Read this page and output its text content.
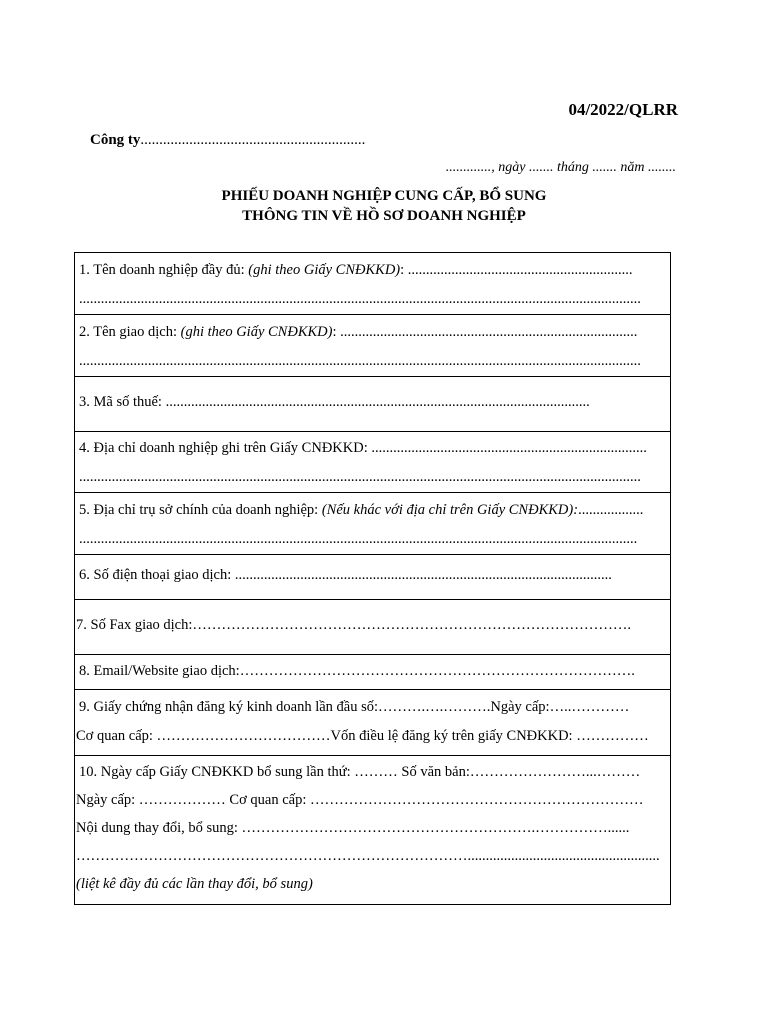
04/2022/QLRR
Công ty............................................................
............., ngày ....... tháng ....... năm ........
PHIẾU DOANH NGHIỆP CUNG CẤP, BỔ SUNG
THÔNG TIN VỀ HỒ SƠ DOANH NGHIỆP
1. Tên doanh nghiệp đầy đủ: (ghi theo Giấy CNĐKKD): ..............................................................
...........................................................................................................................................................

2. Tên giao dịch: (ghi theo Giấy CNĐKKD): ..................................................................................
...........................................................................................................................................................

3. Mã số thuế: .....................................................................................................................

4. Địa chỉ doanh nghiệp ghi trên Giấy CNĐKKD: ............................................................................
...........................................................................................................................................................

5. Địa chỉ trụ sở chính của doanh nghiệp: (Nếu khác với địa chỉ trên Giấy CNĐKKD):..................
..........................................................................................................................................................

6. Số điện thoại giao dịch: ........................................................................................................

7. Số Fax giao dịch:……………………………………………………………………………….

8. Email/Website giao dịch:……………………………………………………………………….

9. Giấy chứng nhận đăng ký kinh doanh lần đầu số:……….….……….Ngày cấp:…..…………
Cơ quan cấp: ………………………………Vốn điều lệ đăng ký trên giấy CNĐKKD: ……………

10. Ngày cấp Giấy CNĐKKD bổ sung lần thứ: ……… Số văn bản:……………………...………
Ngày cấp: ……………… Cơ quan cấp: ……………………………………………………………
Nội dung thay đổi, bổ sung: …………………………………………………….……………......
……………………………………………………………………….....................................................
(liệt kê đầy đủ các lần thay đổi, bổ sung)
